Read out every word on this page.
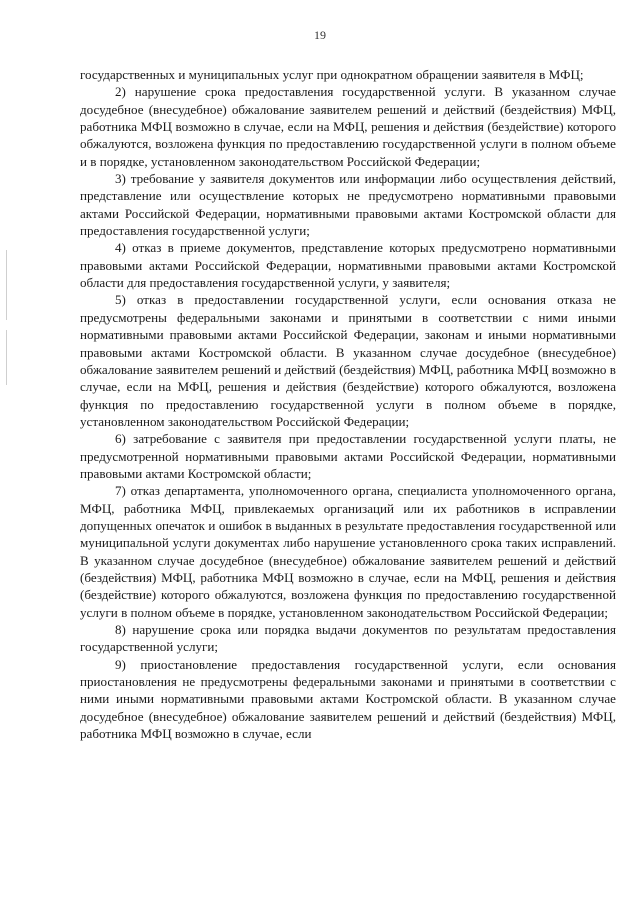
19

государственных и муниципальных услуг при однократном обращении заявителя в МФЦ;

2) нарушение срока предоставления государственной услуги. В указанном случае досудебное (внесудебное) обжалование заявителем решений и действий (бездействия) МФЦ, работника МФЦ возможно в случае, если на МФЦ, решения и действия (бездействие) которого обжалуются, возложена функция по предоставлению государственной услуги в полном объеме и в порядке, установленном законодательством Российской Федерации;

3) требование у заявителя документов или информации либо осуществления действий, представление или осуществление которых не предусмотрено нормативными правовыми актами Российской Федерации, нормативными правовыми актами Костромской области для предоставления государственной услуги;

4) отказ в приеме документов, представление которых предусмотрено нормативными правовыми актами Российской Федерации, нормативными правовыми актами Костромской области для предоставления государственной услуги, у заявителя;

5) отказ в предоставлении государственной услуги, если основания отказа не предусмотрены федеральными законами и принятыми в соответствии с ними иными нормативными правовыми актами Российской Федерации, законам и иными нормативными правовыми актами Костромской области. В указанном случае досудебное (внесудебное) обжалование заявителем решений и действий (бездействия) МФЦ, работника МФЦ возможно в случае, если на МФЦ, решения и действия (бездействие) которого обжалуются, возложена функция по предоставлению государственной услуги в полном объеме в порядке, установленном законодательством Российской Федерации;

6) затребование с заявителя при предоставлении государственной услуги платы, не предусмотренной нормативными правовыми актами Российской Федерации, нормативными правовыми актами Костромской области;

7) отказ департамента, уполномоченного органа, специалиста уполномоченного органа, МФЦ, работника МФЦ, привлекаемых организаций или их работников в исправлении допущенных опечаток и ошибок в выданных в результате предоставления государственной или муниципальной услуги документах либо нарушение установленного срока таких исправлений. В указанном случае досудебное (внесудебное) обжалование заявителем решений и действий (бездействия) МФЦ, работника МФЦ возможно в случае, если на МФЦ, решения и действия (бездействие) которого обжалуются, возложена функция по предоставлению государственной услуги в полном объеме в порядке, установленном законодательством Российской Федерации;

8) нарушение срока или порядка выдачи документов по результатам предоставления государственной услуги;

9) приостановление предоставления государственной услуги, если основания приостановления не предусмотрены федеральными законами и принятыми в соответствии с ними иными нормативными правовыми актами Костромской области. В указанном случае досудебное (внесудебное) обжалование заявителем решений и действий (бездействия) МФЦ, работника МФЦ возможно в случае, если
